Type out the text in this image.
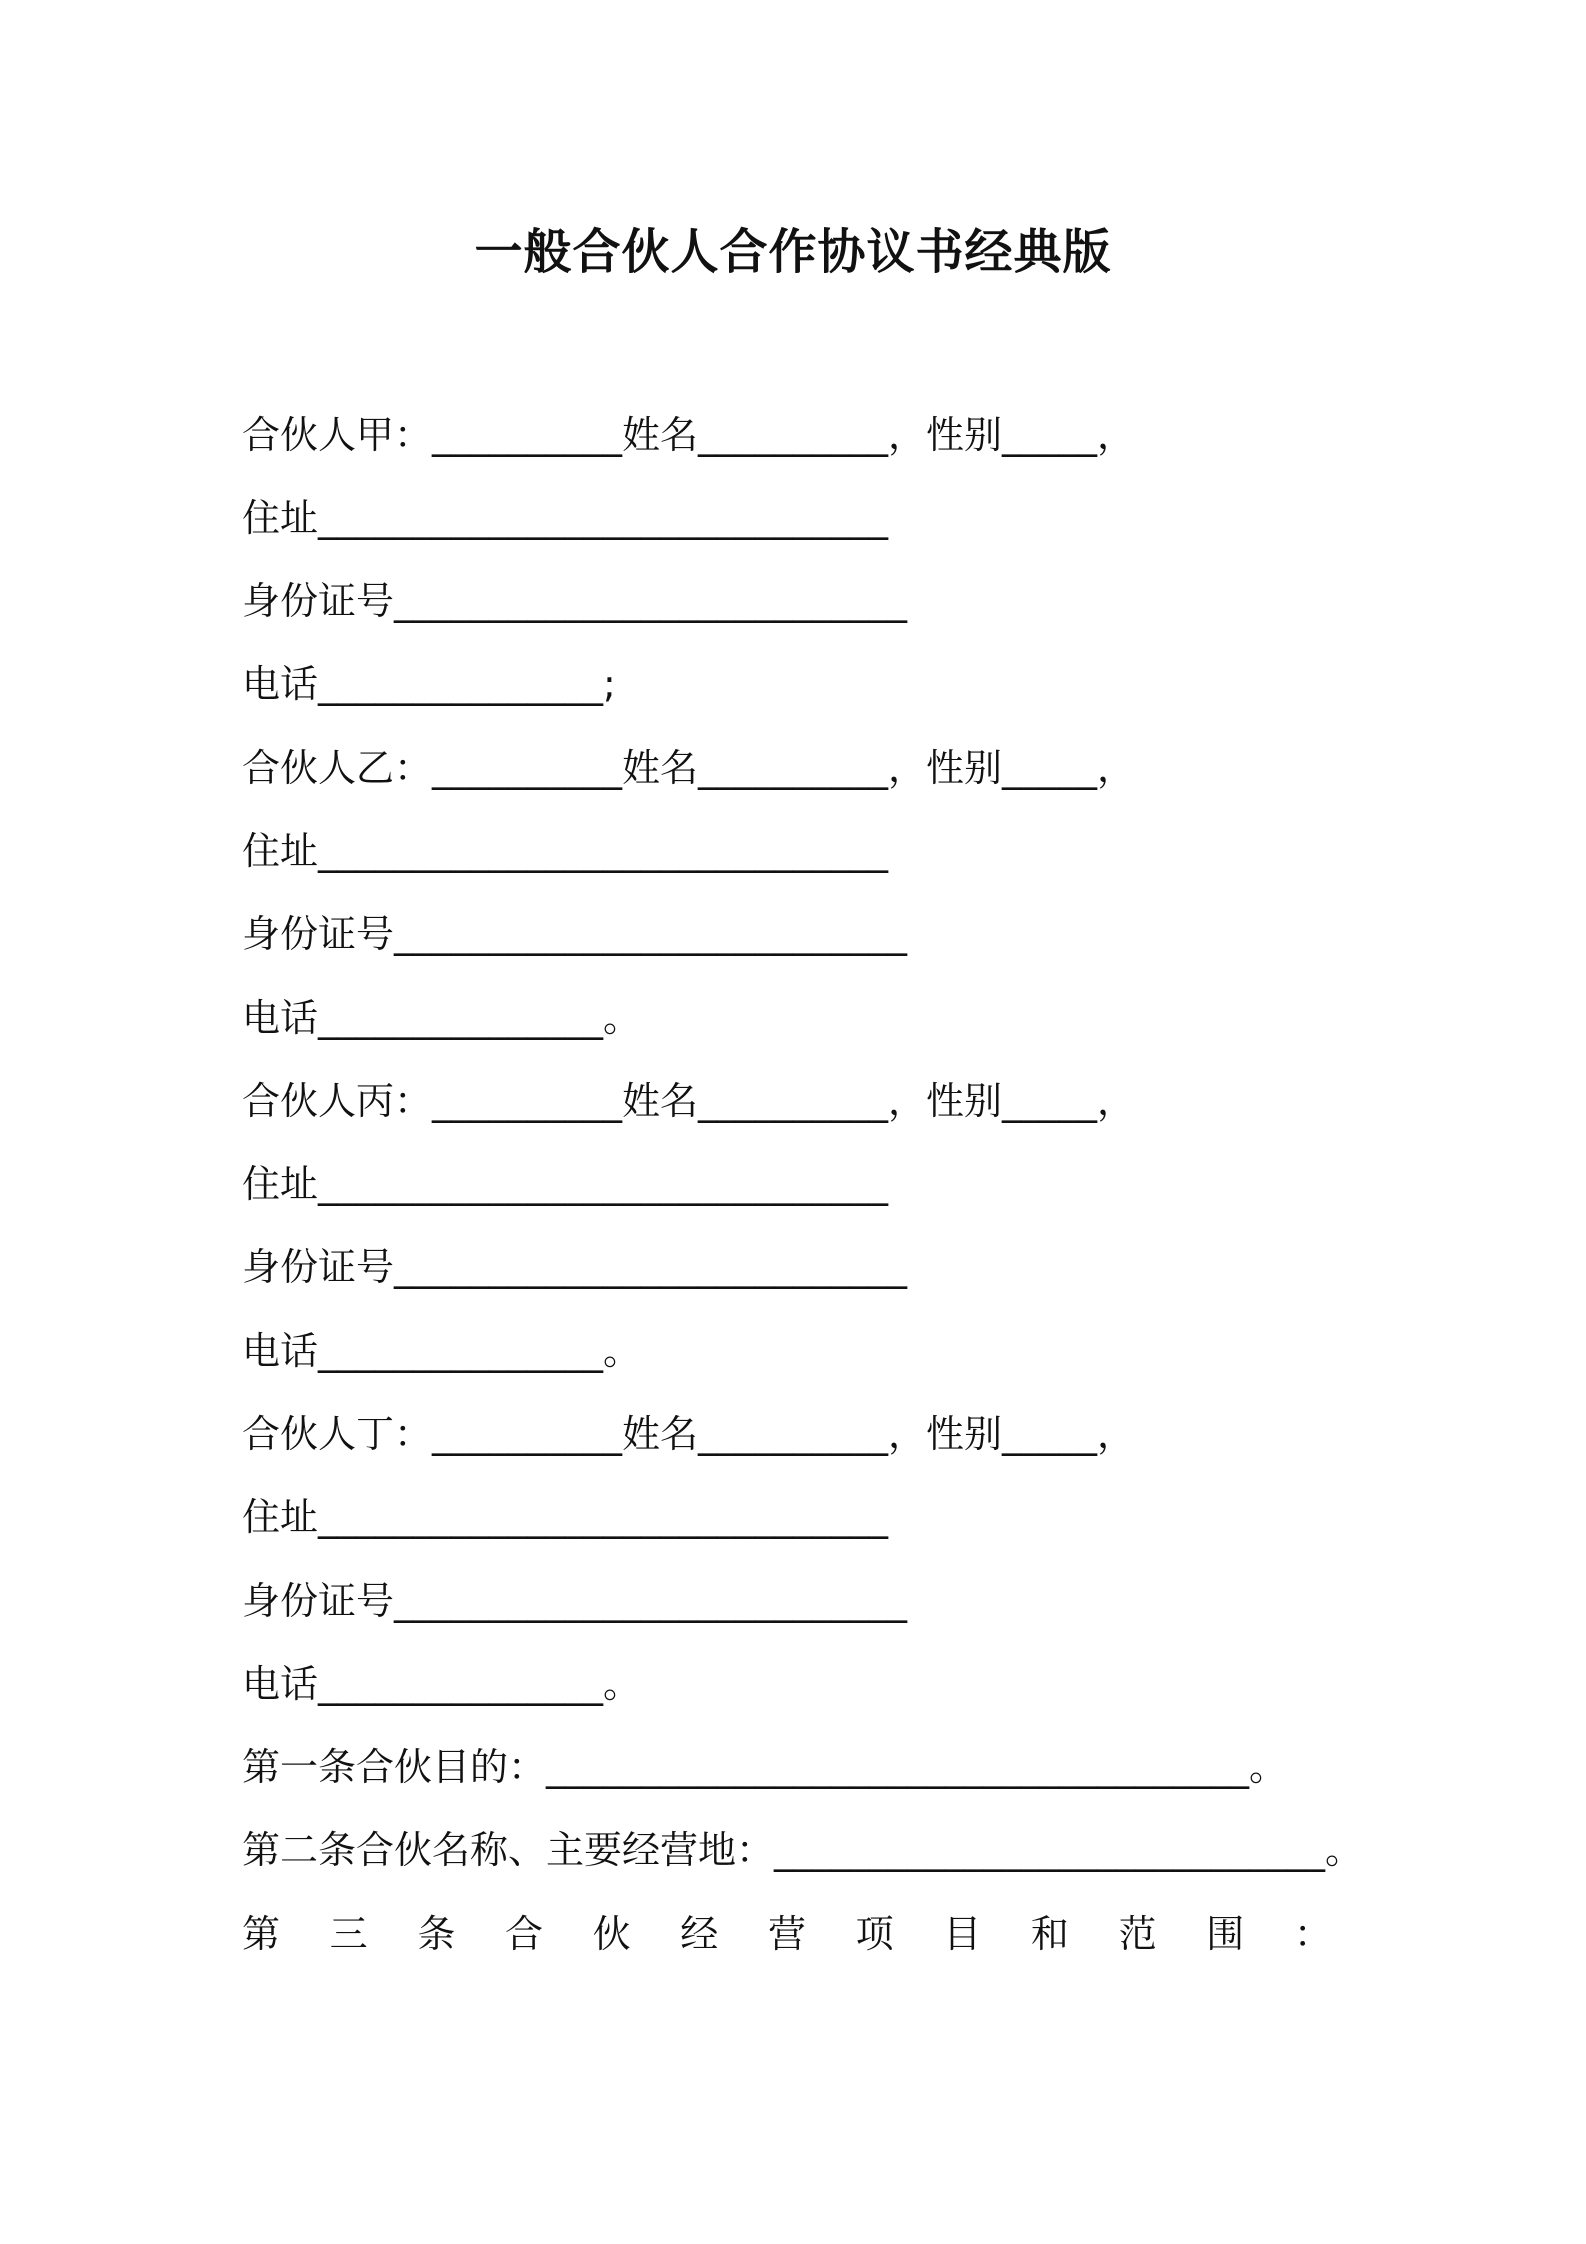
一般合伙人合作协议书经典版
合伙人甲：__________姓名__________，性别_____，
住址______________________________
身份证号___________________________
电话_______________;
合伙人乙：__________姓名__________，性别_____，
住址______________________________
身份证号___________________________
电话_______________。
合伙人丙：__________姓名__________，性别_____，
住址______________________________
身份证号___________________________
电话_______________。
合伙人丁：__________姓名__________，性别_____，
住址______________________________
身份证号___________________________
电话_______________。
第一条合伙目的：_____________________________________。
第二条合伙名称、主要经营地：_____________________________。
第 三 条 合 伙 经 营 项 目 和 范 围 ：
